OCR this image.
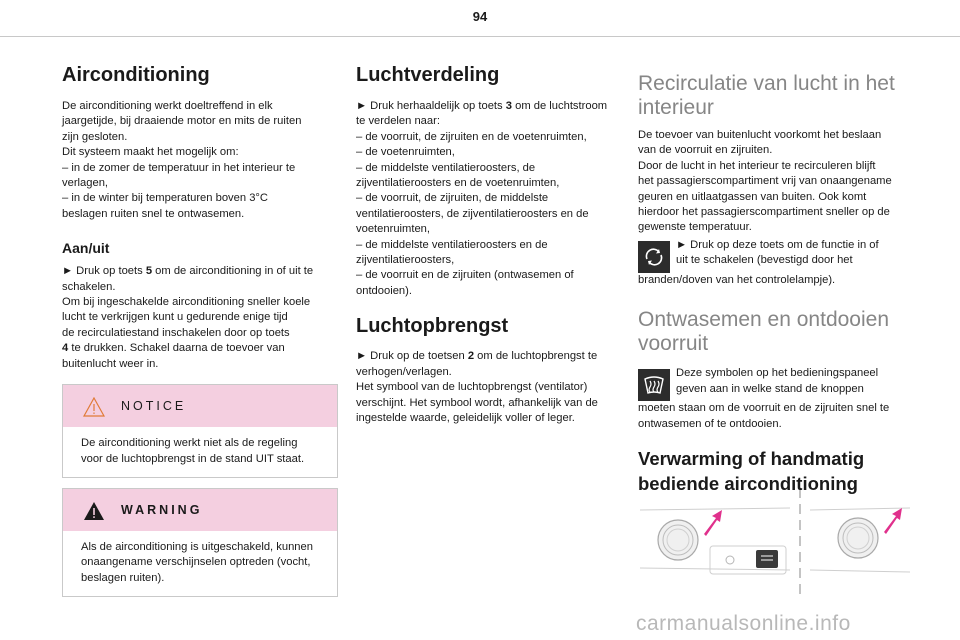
94
Airconditioning

De airconditioning werkt doeltreffend in elk

jaargetijde, bij draaiende motor en mits de ruiten

zijn gesloten.

Dit systeem maakt het mogelijk om:

– in de zomer de temperatuur in het interieur te

verlagen,

– in de winter bij temperaturen boven 3°C

beslagen ruiten snel te ontwasemen.

Aan/uit

► Druk op toets 5 om de airconditioning in of uit te

schakelen.

Om bij ingeschakelde airconditioning sneller koele

lucht te verkrijgen kunt u gedurende enige tijd

de recirculatiestand inschakelen door op toets

4 te drukken. Schakel daarna de toevoer van

buitenlucht weer in.

NOTICE

De airconditioning werkt niet als de regeling

voor de luchtopbrengst in de stand UIT staat.

WARNING

Als de airconditioning is uitgeschakeld, kunnen

onaangename verschijnselen optreden (vocht,

beslagen ruiten).

Luchtverdeling

► Druk herhaaldelijk op toets 3 om de luchtstroom

te verdelen naar:

– de voorruit, de zijruiten en de voetenruimten,

– de voetenruimten,

– de middelste ventilatieroosters, de

zijventilatieroosters en de voetenruimten,

– de voorruit, de zijruiten, de middelste

ventilatieroosters, de zijventilatieroosters en de

voetenruimten,

– de middelste ventilatieroosters en de

zijventilatieroosters,

– de voorruit en de zijruiten (ontwasemen of

ontdooien).

Luchtopbrengst

► Druk op de toetsen 2 om de luchtopbrengst te

verhogen/verlagen.

Het symbool van de luchtopbrengst (ventilator)

verschijnt. Het symbool wordt, afhankelijk van de

ingestelde waarde, geleidelijk voller of leger.

Recirculatie van lucht in het
interieur

De toevoer van buitenlucht voorkomt het beslaan

van de voorruit en zijruiten.

Door de lucht in het interieur te recirculeren blijft

het passagierscompartiment vrij van onaangename

geuren en uitlaatgassen van buiten. Ook komt

hierdoor het passagierscompartiment sneller op de

gewenste temperatuur.

► Druk op deze toets om de functie in of

uit te schakelen (bevestigd door het

branden/doven van het controlelampje).

Ontwasemen en ontdooien
voorruit

Deze symbolen op het bedieningspaneel

geven aan in welke stand de knoppen

moeten staan om de voorruit en de zijruiten snel te

ontwasemen of te ontdooien.

Verwarming of handmatig
bediende airconditioning
carmanualsonline.info
